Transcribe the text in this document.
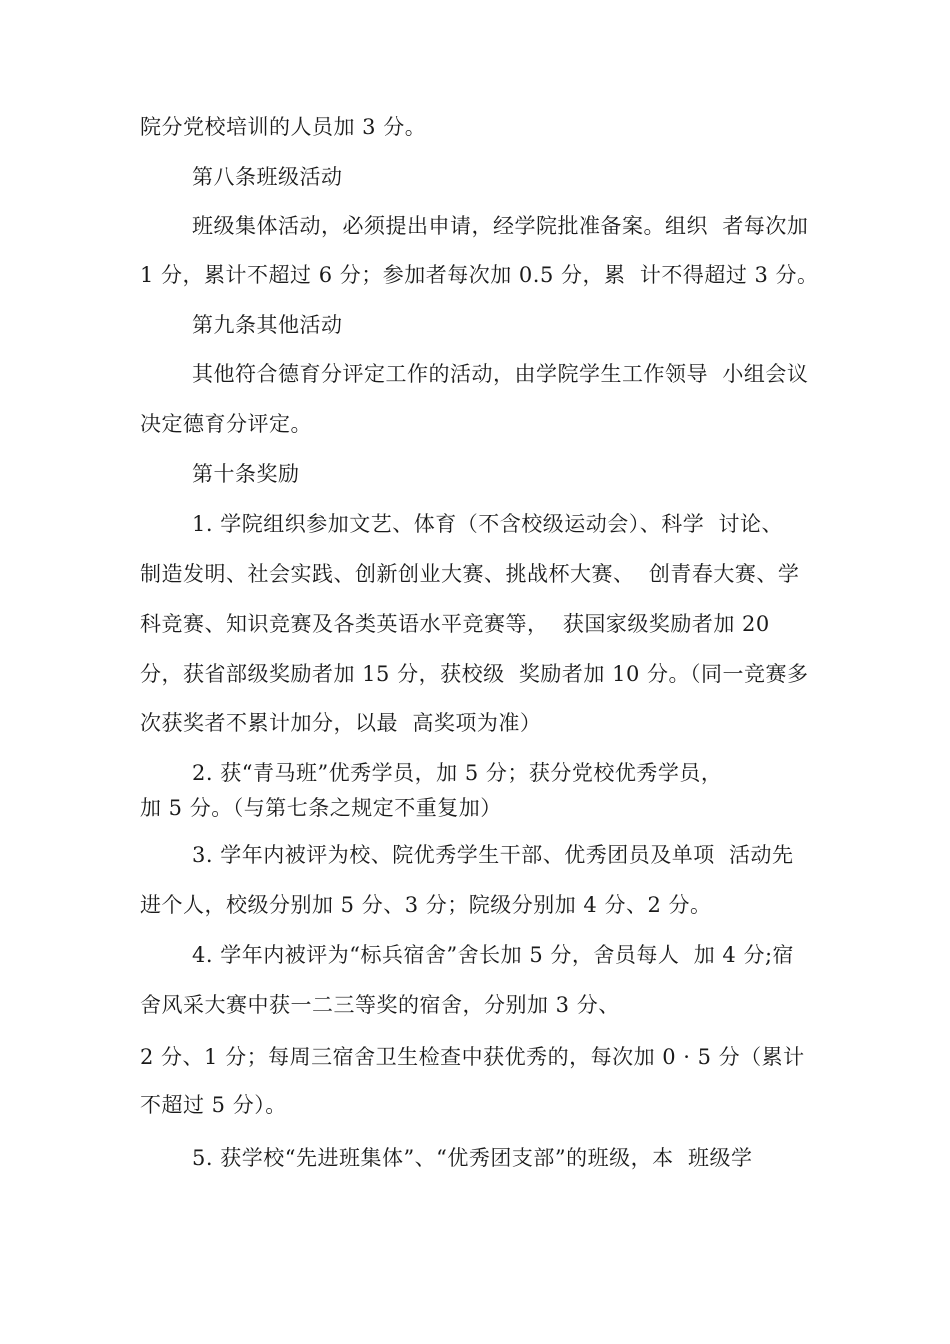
院分党校培训的人员加 3 分。
第八条班级活动
班级集体活动，必须提出申请，经学院批准备案。组织  者每次加
1 分，累计不超过 6 分；参加者每次加 0.5 分，累  计不得超过 3 分。
第九条其他活动
其他符合德育分评定工作的活动，由学院学生工作领导  小组会议
决定德育分评定。
第十条奖励
1. 学院组织参加文艺、体育（不含校级运动会）、科学  讨论、
制造发明、社会实践、创新创业大赛、挑战杯大赛、  创青春大赛、学
科竞赛、知识竞赛及各类英语水平竞赛等，  获国家级奖励者加 20
分，获省部级奖励者加 15 分，获校级  奖励者加 10 分。（同一竞赛多
次获奖者不累计加分，以最  高奖项为准）
2. 获“青马班”优秀学员，加 5 分；获分党校优秀学员，
加 5 分。（与第七条之规定不重复加）
3. 学年内被评为校、院优秀学生干部、优秀团员及单项  活动先
进个人，校级分别加 5 分、3 分；院级分别加 4 分、2 分。
4. 学年内被评为“标兵宿舍”舍长加 5 分，舍员每人  加 4 分;宿
舍风采大赛中获一二三等奖的宿舍，分别加 3 分、
2 分、1 分；每周三宿舍卫生检查中获优秀的，每次加 0 · 5 分（累计
不超过 5 分）。
5. 获学校“先进班集体”、“优秀团支部”的班级，本  班级学
